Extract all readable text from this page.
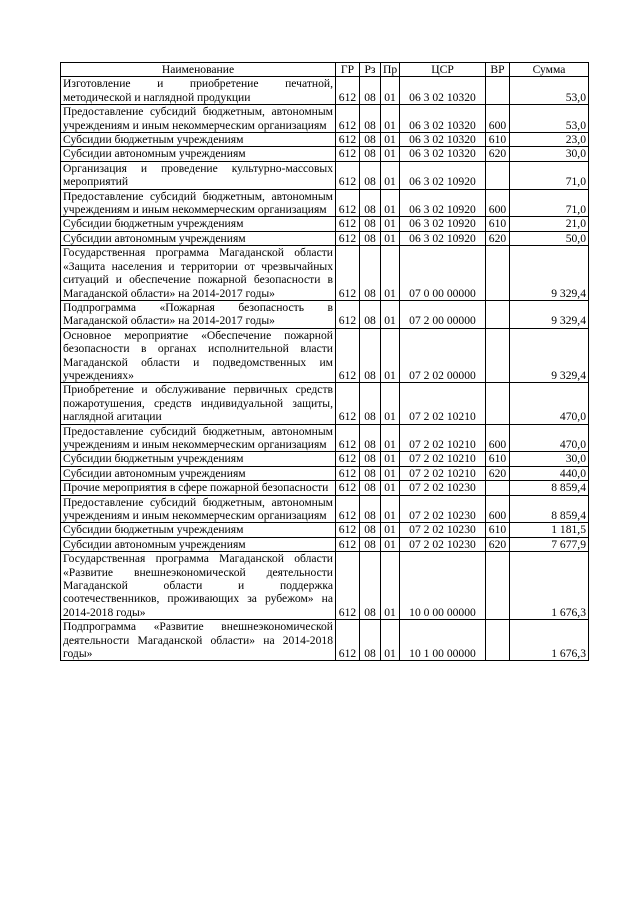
Наименование	ГР	Рз	Пр	ЦСР	ВР	Сумма
Изготовление и приобретение печатной, методической и наглядной продукции	612	08	01	06 3 02 10320		53,0
Предоставление субсидий бюджетным, автономным учреждениям и иным некоммерческим организациям	612	08	01	06 3 02 10320	600	53,0
Субсидии бюджетным учреждениям	612	08	01	06 3 02 10320	610	23,0
Субсидии автономным учреждениям	612	08	01	06 3 02 10320	620	30,0
Организация и проведение культурно-массовых мероприятий	612	08	01	06 3 02 10920		71,0
Предоставление субсидий бюджетным, автономным учреждениям и иным некоммерческим организациям	612	08	01	06 3 02 10920	600	71,0
Субсидии бюджетным учреждениям	612	08	01	06 3 02 10920	610	21,0
Субсидии автономным учреждениям	612	08	01	06 3 02 10920	620	50,0
Государственная программа Магаданской области «Защита населения и территории от чрезвычайных ситуаций и обеспечение пожарной безопасности в Магаданской области» на 2014-2017 годы»	612	08	01	07 0 00 00000		9 329,4
Подпрограмма «Пожарная безопасность в Магаданской области» на 2014-2017 годы»	612	08	01	07 2 00 00000		9 329,4
Основное мероприятие «Обеспечение пожарной безопасности в органах исполнительной власти Магаданской области и подведомственных им учреждениях»	612	08	01	07 2 02 00000		9 329,4
Приобретение и обслуживание первичных средств пожаротушения, средств индивидуальной защиты, наглядной агитации	612	08	01	07 2 02 10210		470,0
Предоставление субсидий бюджетным, автономным учреждениям и иным некоммерческим организациям	612	08	01	07 2 02 10210	600	470,0
Субсидии бюджетным учреждениям	612	08	01	07 2 02 10210	610	30,0
Субсидии автономным учреждениям	612	08	01	07 2 02 10210	620	440,0
Прочие мероприятия в сфере пожарной безопасности	612	08	01	07 2 02 10230		8 859,4
Предоставление субсидий бюджетным, автономным учреждениям и иным некоммерческим организациям	612	08	01	07 2 02 10230	600	8 859,4
Субсидии бюджетным учреждениям	612	08	01	07 2 02 10230	610	1 181,5
Субсидии автономным учреждениям	612	08	01	07 2 02 10230	620	7 677,9
Государственная программа Магаданской области «Развитие внешнеэкономической деятельности Магаданской области и поддержка соотечественников, проживающих за рубежом» на 2014-2018 годы»	612	08	01	10 0 00 00000		1 676,3
Подпрограмма «Развитие внешнеэкономической деятельности Магаданской области» на 2014-2018 годы»	612	08	01	10 1 00 00000		1 676,3
